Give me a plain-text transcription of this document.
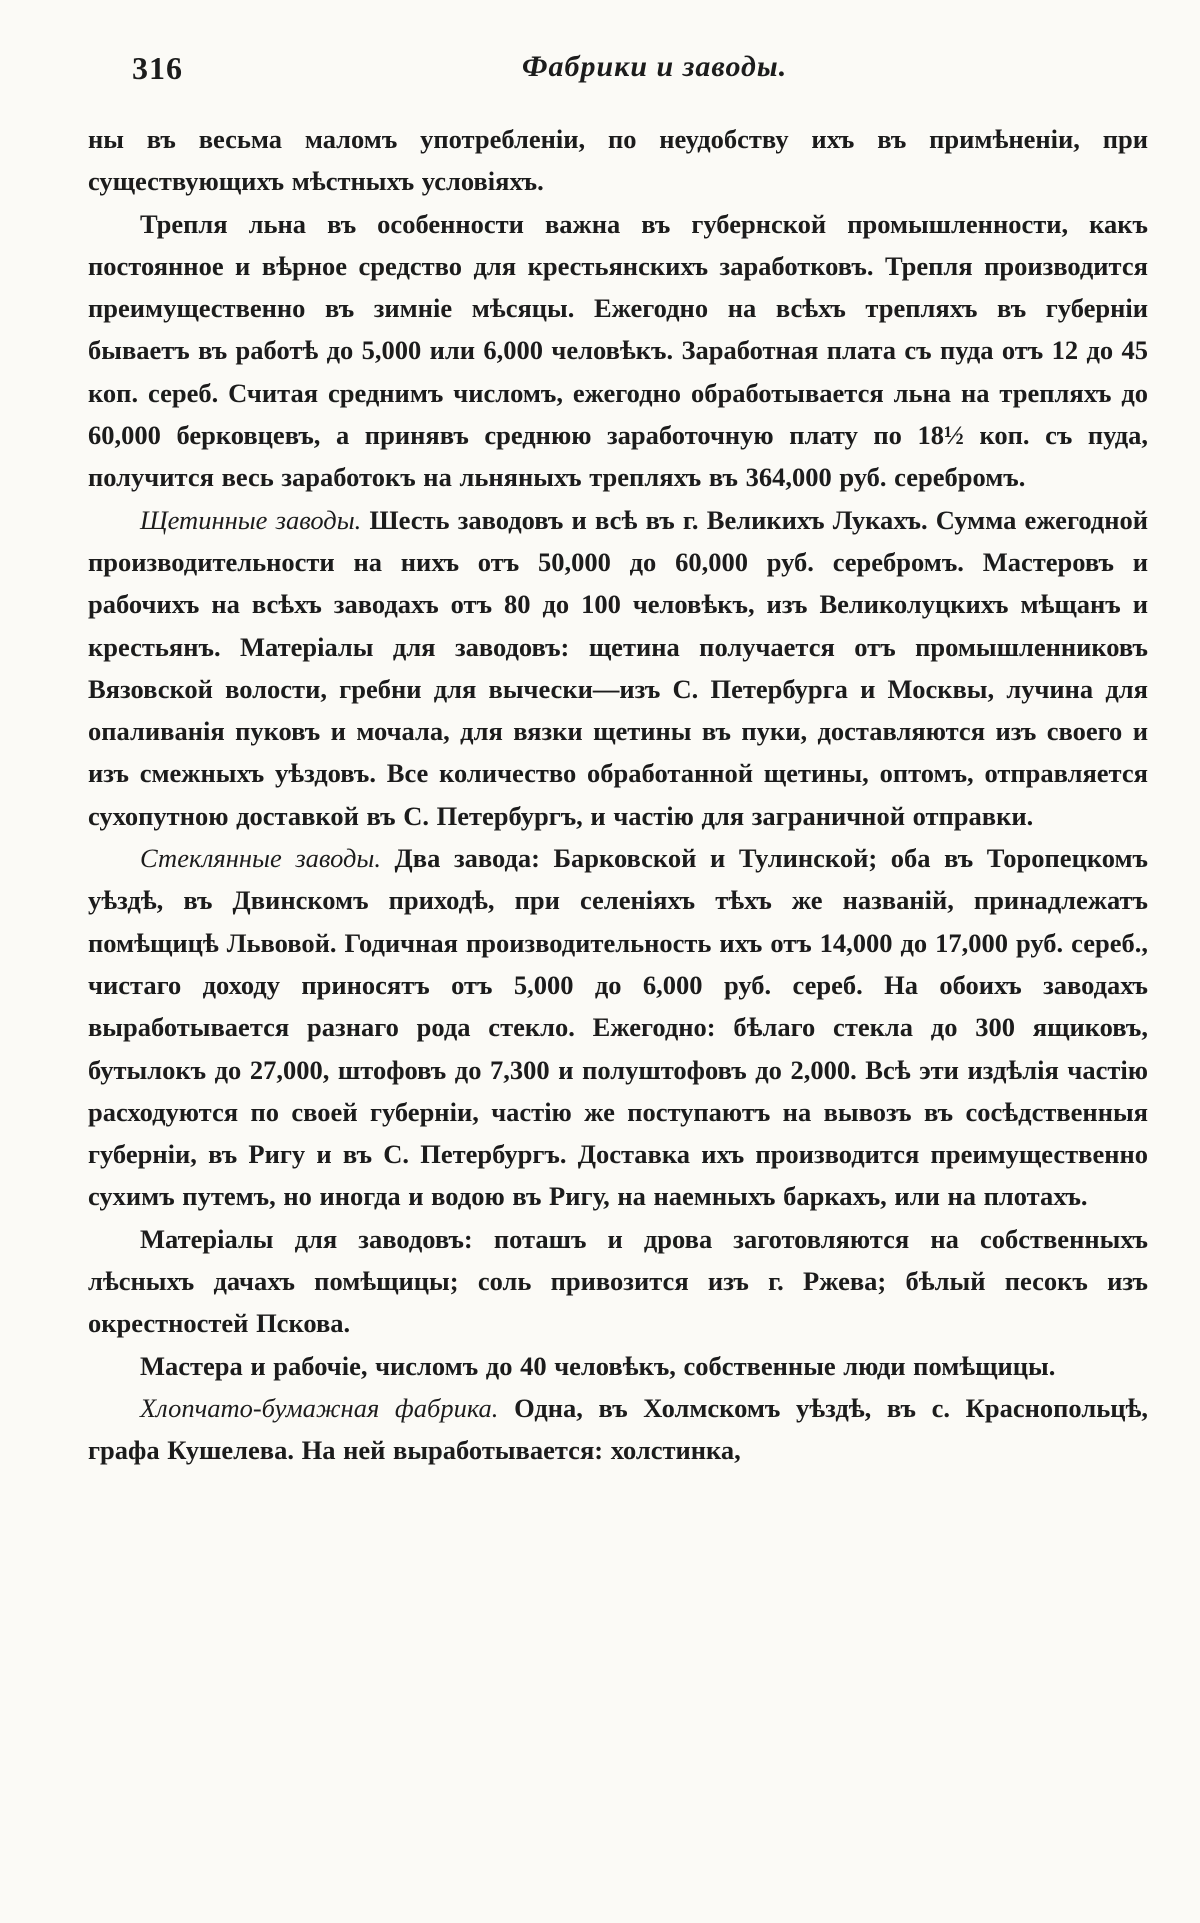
316	Фабрики и заводы.

ны въ весьма маломъ употребленіи, по неудобству ихъ въ примѣненіи, при существующихъ мѣстныхъ условіяхъ.

Трепля льна въ особенности важна въ губернской промышленности, какъ постоянное и вѣрное средство для крестьянскихъ заработковъ. Трепля производится преимущественно въ зимніе мѣсяцы. Ежегодно на всѣхъ трепляхъ въ губерніи бываетъ въ работѣ до 5,000 или 6,000 человѣкъ. Заработная плата съ пуда отъ 12 до 45 коп. сереб. Считая среднимъ числомъ, ежегодно обработывается льна на трепляхъ до 60,000 берковцевъ, а принявъ среднюю заработочную плату по 18½ коп. съ пуда, получится весь заработокъ на льняныхъ трепляхъ въ 364,000 руб. серебромъ.

Щетинные заводы. Шесть заводовъ и всѣ въ г. Великихъ Лукахъ. Сумма ежегодной производительности на нихъ отъ 50,000 до 60,000 руб. серебромъ. Мастеровъ и рабочихъ на всѣхъ заводахъ отъ 80 до 100 человѣкъ, изъ Великолуцкихъ мѣщанъ и крестьянъ. Матеріалы для заводовъ: щетина получается отъ промышленниковъ Вязовской волости, гребни для вычески—изъ С. Петербурга и Москвы, лучина для опаливанія пуковъ и мочала, для вязки щетины въ пуки, доставляются изъ своего и изъ смежныхъ уѣздовъ. Все количество обработанной щетины, оптомъ, отправляется сухопутною доставкой въ С. Петербургъ, и частію для заграничной отправки.

Стеклянные заводы. Два завода: Барковской и Тулинской; оба въ Торопецкомъ уѣздѣ, въ Двинскомъ приходѣ, при селеніяхъ тѣхъ же названій, принадлежатъ помѣщицѣ Львовой. Годичная производительность ихъ отъ 14,000 до 17,000 руб. сереб., чистаго доходу приносятъ отъ 5,000 до 6,000 руб. сереб. На обоихъ заводахъ выработывается разнаго рода стекло. Ежегодно: бѣлаго стекла до 300 ящиковъ, бутылокъ до 27,000, штофовъ до 7,300 и полуштофовъ до 2,000. Всѣ эти издѣлія частію расходуются по своей губерніи, частію же поступаютъ на вывозъ въ сосѣдственныя губерніи, въ Ригу и въ С. Петербургъ. Доставка ихъ производится преимущественно сухимъ путемъ, но иногда и водою въ Ригу, на наемныхъ баркахъ, или на плотахъ.

Матеріалы для заводовъ: поташъ и дрова заготовляются на собственныхъ лѣсныхъ дачахъ помѣщицы; соль привозится изъ г. Ржева; бѣлый песокъ изъ окрестностей Пскова.

Мастера и рабочіе, числомъ до 40 человѣкъ, собственные люди помѣщицы.

Хлопчато-бумажная фабрика. Одна, въ Холмскомъ уѣздѣ, въ с. Краснопольцѣ, графа Кушелева. На ней выработывается: холстинка,
